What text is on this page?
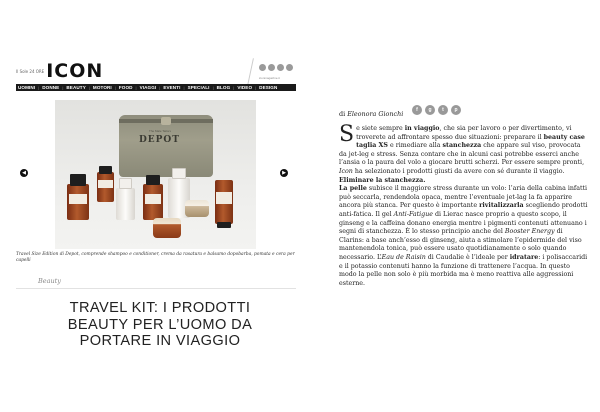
Il Sole 24 ORE ICON	iconmagazine.it
UOMINI | DONNE | BEAUTY | MOTORI | FOOD | VIAGGI | EVENTI | SPECIALI | BLOG | VIDEO | DESIGN
The Male Tailors
DEPOT
◀	▶
Travel Size Edition di Depot, comprende shampoo e conditioner, crema da rasatura e balsamo dopobarba, pomata e cera per capelli
Beauty
TRAVEL KIT: I PRODOTTI BEAUTY PER L’UOMO DA PORTARE IN VIAGGIO
di Eleonora Gionchi	f	g	t	p

Se siete sempre in viaggio, che sia per lavoro o per divertimento, vi troverete ad affrontare spesso due situazioni: preparare il beauty case taglia XS e rimediare alla stanchezza che appare sul viso, provocata da jet-leg e stress. Senza contare che in alcuni casi potrebbe esserci anche l’ansia o la paura del volo a giocare brutti scherzi. Per essere sempre pronti, Icon ha selezionato i prodotti giusti da avere con sé durante il viaggio.

Eliminare la stanchezza.

La pelle subisce il maggiore stress durante un volo: l’aria della cabina infatti può seccarla, rendendola opaca, mentre l’eventuale jet-lag la fa apparire ancora più stanca. Per questo è importante rivitalizzarla scegliendo prodotti anti-fatica. Il gel Anti-Fatigue di Lierac nasce proprio a questo scopo, il ginseng e la caffeina donano energia mentre i pigmenti contenuti attenuano i segni di stanchezza. È lo stesso principio anche del Booster Energy di Clarins: a base anch’esso di ginseng, aiuta a stimolare l’epidermide del viso mantenendola tonica, può essere usato quotidianamente o solo quando necessario. L’Eau de Raisin di Caudalie è l’ideale per idratare: i polisaccaridi e il potassio contenuti hanno la funzione di trattenere l’acqua. In questo modo la pelle non solo è più morbida ma è meno reattiva alle aggressioni esterne.
